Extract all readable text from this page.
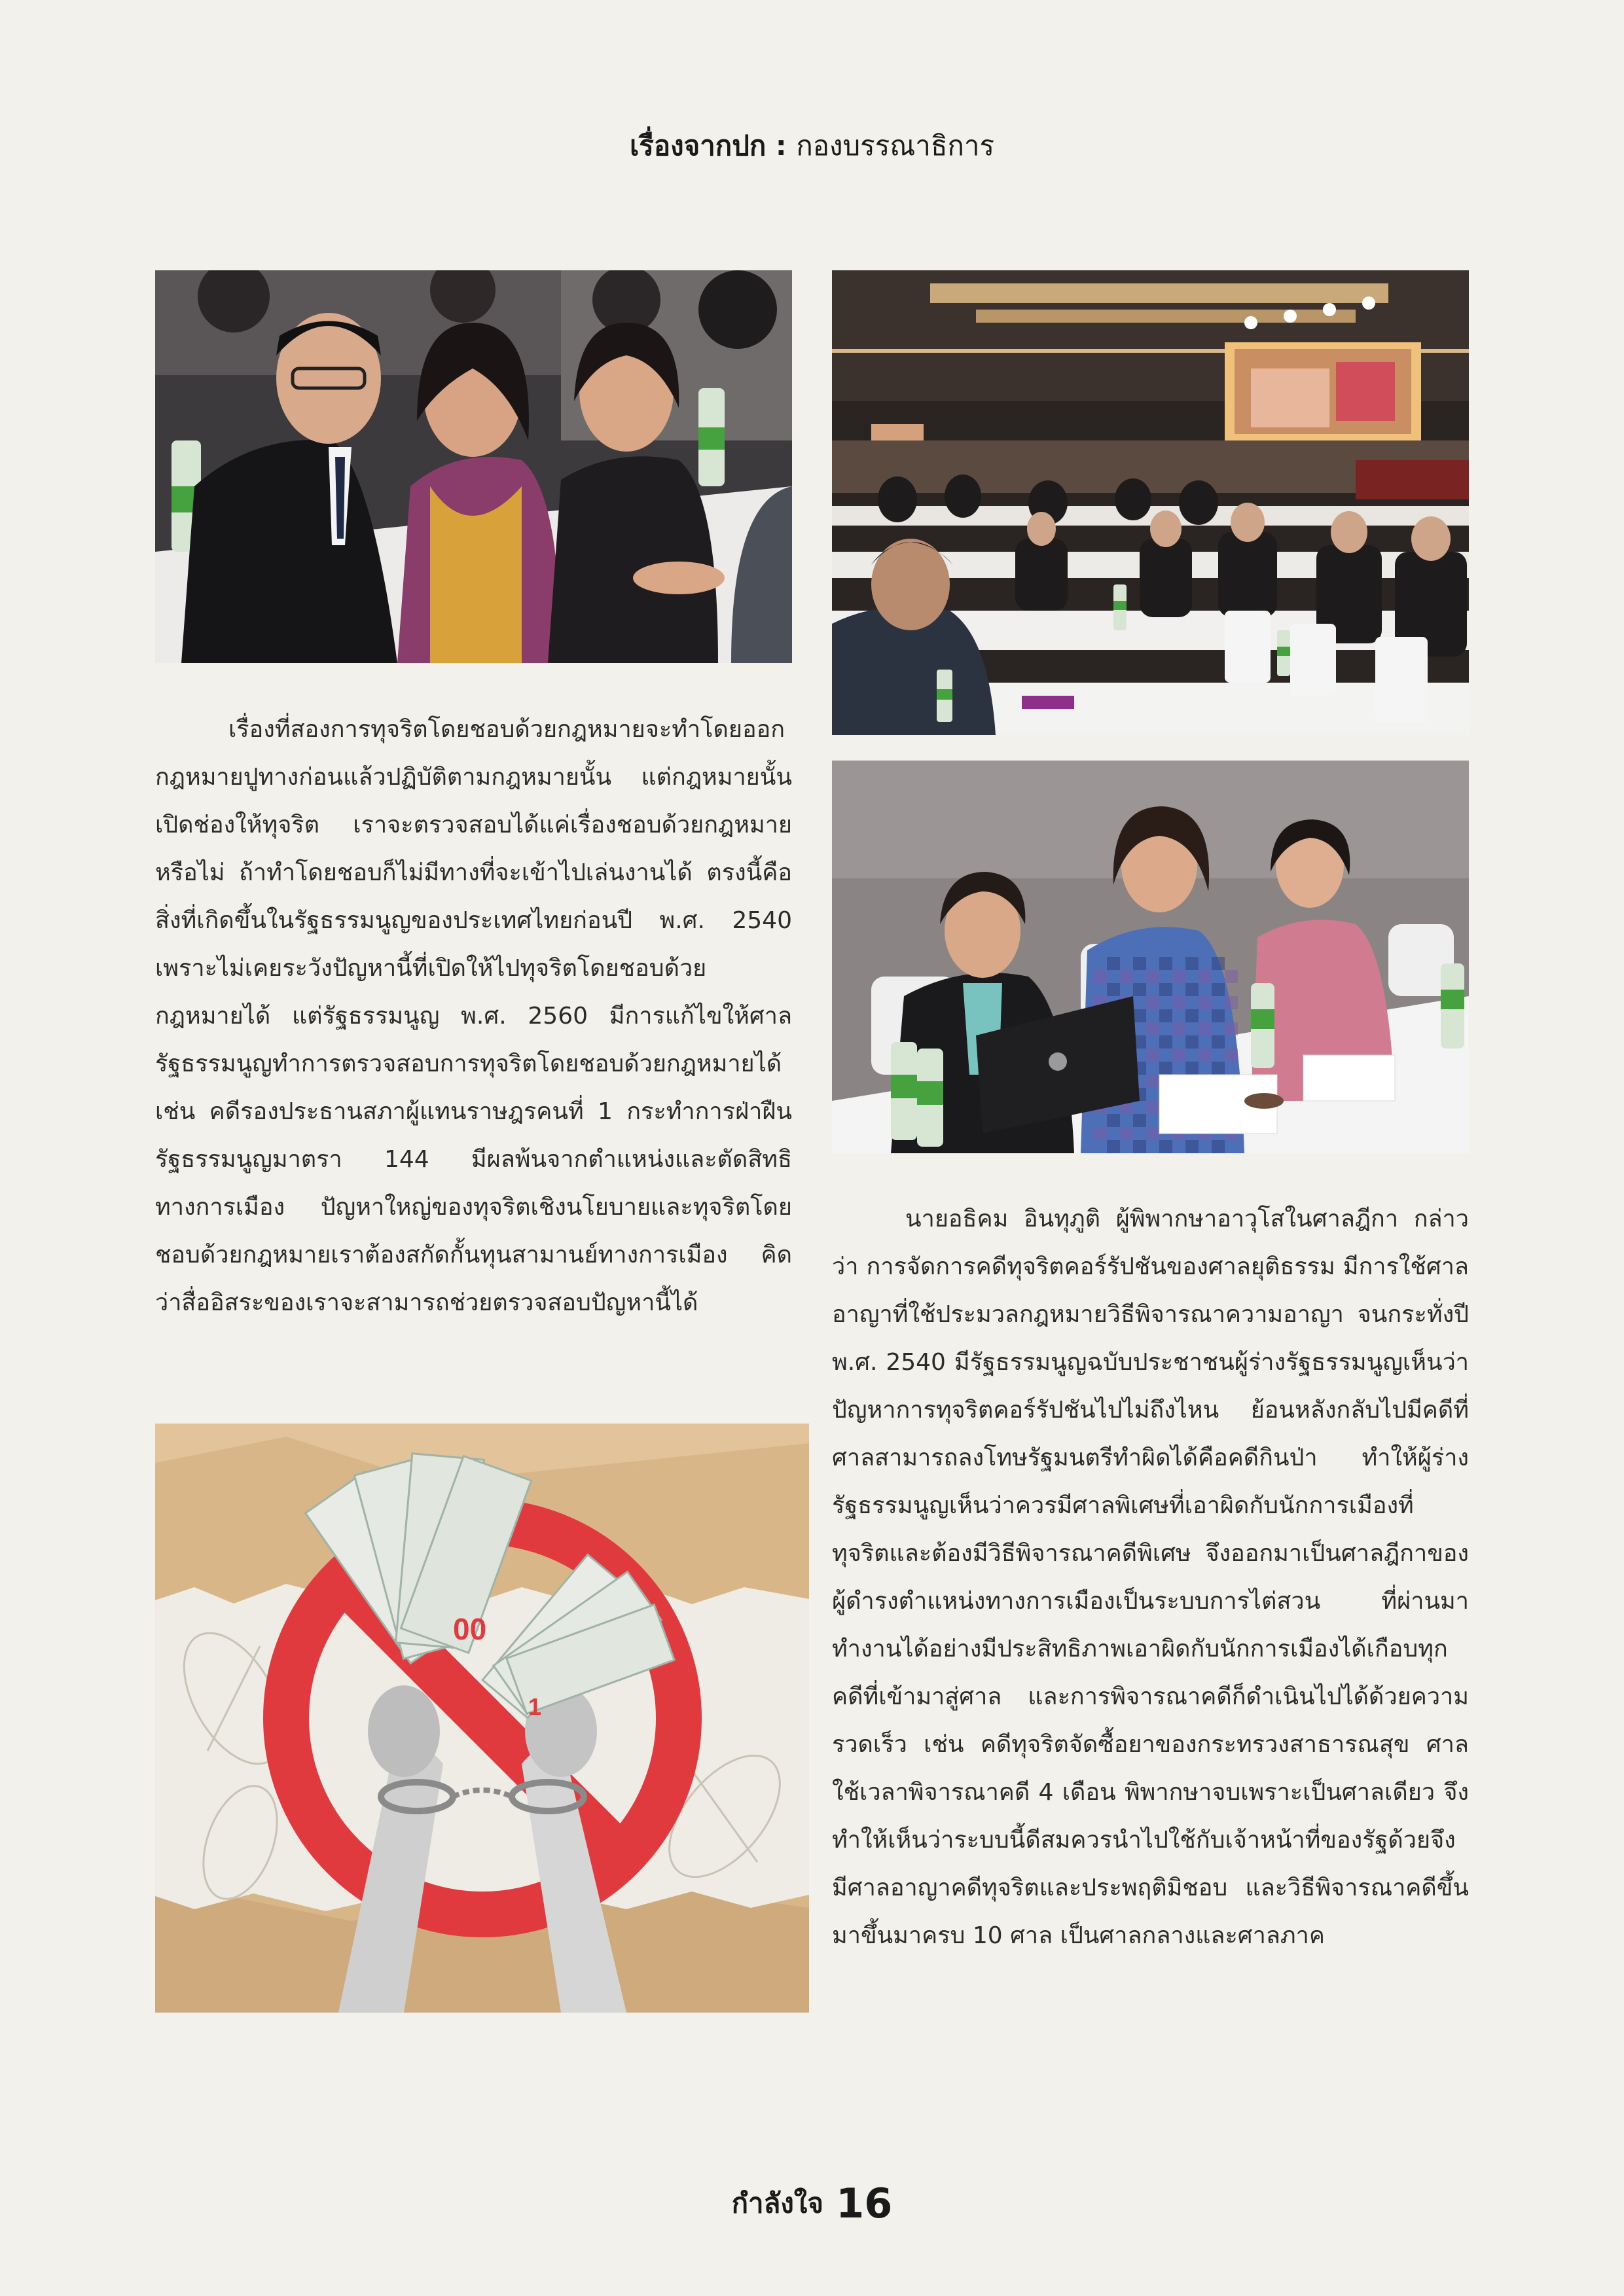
เรื่องจากปก : กองบรรณาธิการ

เรื่องที่สองการทุจริตโดยชอบด้วยกฎหมายจะทำโดยออกกฎหมายปูทางก่อนแล้วปฏิบัติตามกฎหมายนั้น แต่กฎหมายนั้นเปิดช่องให้ทุจริต เราจะตรวจสอบได้แค่เรื่องชอบด้วยกฎหมายหรือไม่ ถ้าทำโดยชอบก็ไม่มีทางที่จะเข้าไปเล่นงานได้ ตรงนี้คือ สิ่งที่เกิดขึ้นในรัฐธรรมนูญของประเทศไทยก่อนปี พ.ศ. 2540 เพราะไม่เคยระวังปัญหานี้ที่เปิดให้ไปทุจริตโดยชอบด้วยกฎหมายได้ แต่รัฐธรรมนูญ พ.ศ. 2560 มีการแก้ไขให้ศาลรัฐธรรมนูญทำการตรวจสอบการทุจริตโดยชอบด้วยกฎหมายได้ เช่น คดีรองประธานสภาผู้แทนราษฎรคนที่ 1 กระทำการฝ่าฝืนรัฐธรรมนูญมาตรา 144 มีผลพ้นจากตำแหน่งและตัดสิทธิทางการเมือง ปัญหาใหญ่ของทุจริตเชิงนโยบายและทุจริตโดยชอบด้วยกฎหมายเราต้องสกัดกั้นทุนสามานย์ทางการเมือง คิดว่าสื่ออิสระของเราจะสามารถช่วยตรวจสอบปัญหานี้ได้

00
1

นายอธิคม อินทุภูติ ผู้พิพากษาอาวุโสในศาลฎีกา กล่าวว่า การจัดการคดีทุจริตคอร์รัปชันของศาลยุติธรรม มีการใช้ศาลอาญาที่ใช้ประมวลกฎหมายวิธีพิจารณาความอาญา จนกระทั่งปี พ.ศ. 2540 มีรัฐธรรมนูญฉบับประชาชนผู้ร่างรัฐธรรมนูญเห็นว่า ปัญหาการทุจริตคอร์รัปชันไปไม่ถึงไหน ย้อนหลังกลับไปมีคดีที่ศาลสามารถลงโทษรัฐมนตรีทำผิดได้คือคดีกินป่า ทำให้ผู้ร่างรัฐธรรมนูญเห็นว่าควรมีศาลพิเศษที่เอาผิดกับนักการเมืองที่ทุจริตและต้องมีวิธีพิจารณาคดีพิเศษ จึงออกมาเป็นศาลฎีกาของผู้ดำรงตำแหน่งทางการเมืองเป็นระบบการไต่สวน ที่ผ่านมาทำงานได้อย่างมีประสิทธิภาพเอาผิดกับนักการเมืองได้เกือบทุกคดีที่เข้ามาสู่ศาล และการพิจารณาคดีก็ดำเนินไปได้ด้วยความรวดเร็ว เช่น คดีทุจริตจัดซื้อยาของกระทรวงสาธารณสุข ศาลใช้เวลาพิจารณาคดี 4 เดือน พิพากษาจบเพราะเป็นศาลเดียว จึงทำให้เห็นว่าระบบนี้ดีสมควรนำไปใช้กับเจ้าหน้าที่ของรัฐด้วยจึงมีศาลอาญาคดีทุจริตและประพฤติมิชอบ และวิธีพิจารณาคดีขึ้นมาขึ้นมาครบ 10 ศาล เป็นศาลกลางและศาลภาค

กำลังใจ 16
